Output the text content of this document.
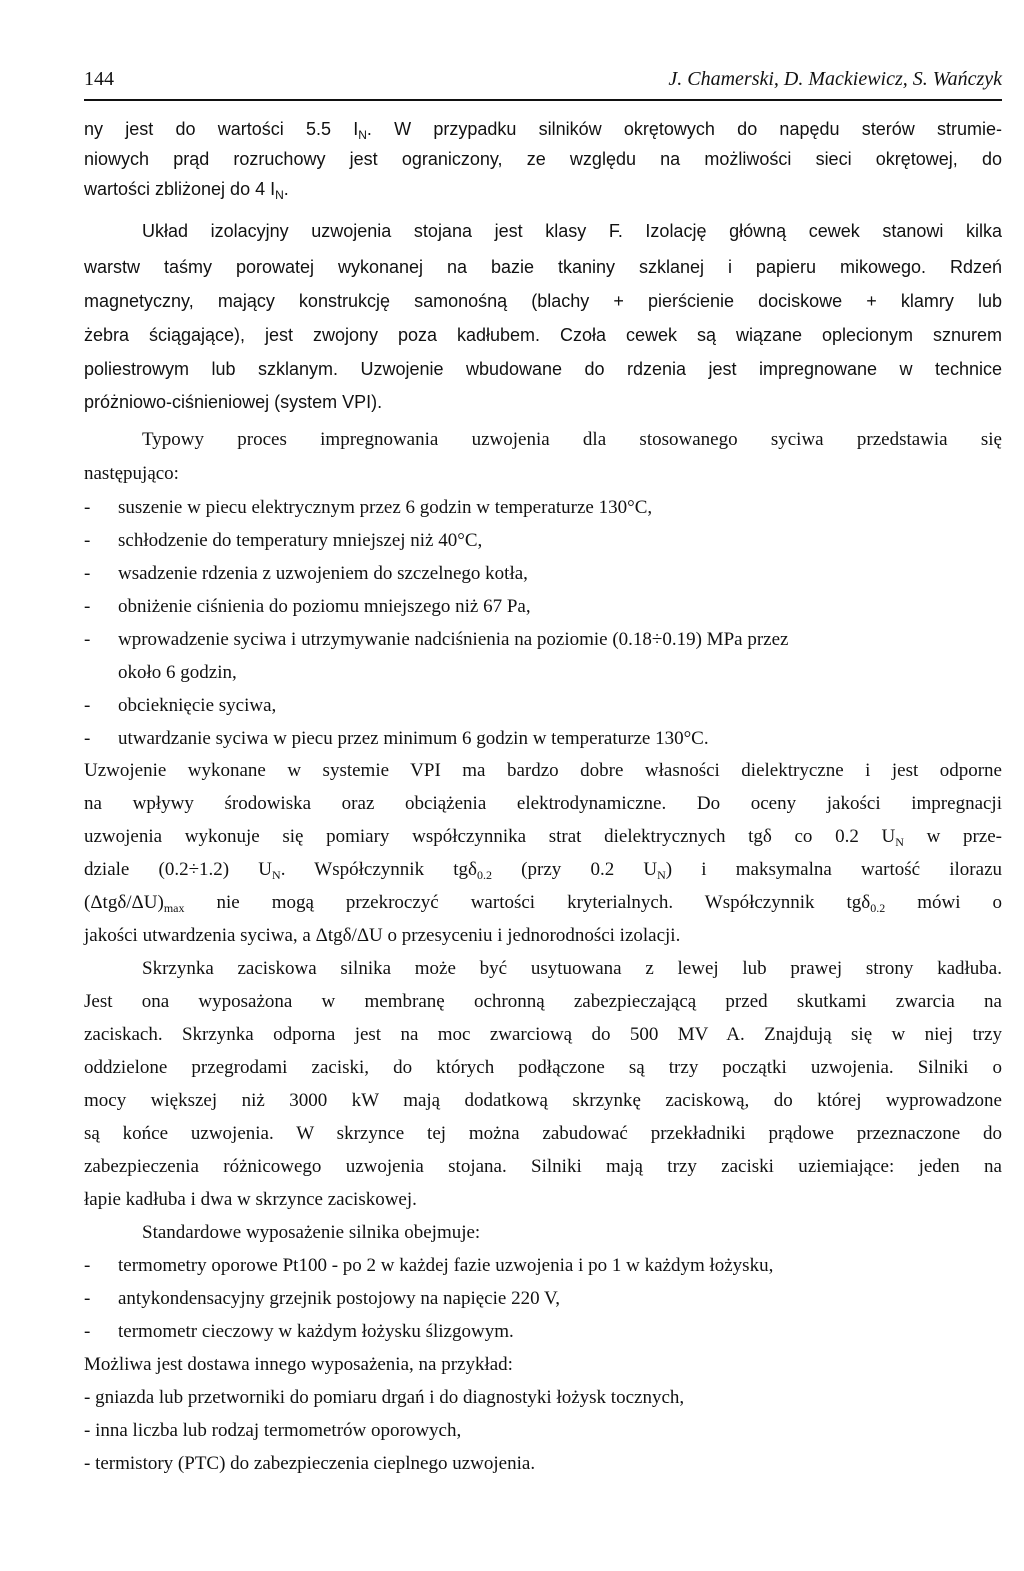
144	J. Chamerski, D. Mackiewicz, S. Wańczyk
ny jest do wartości 5.5 $I_N$. W przypadku silników okrętowych do napędu sterów strumie-
niowych prąd rozruchowy jest ograniczony, ze względu na możliwości sieci okrętowej, do
wartości zbliżonej do 4 $I_N$.
Układ izolacyjny uzwojenia stojana jest klasy F. Izolację główną cewek stanowi kilka
warstw taśmy porowatej wykonanej na bazie tkaniny szklanej i papieru mikowego. Rdzeń
magnetyczny, mający konstrukcję samonośną (blachy + pierścienie dociskowe + klamry lub
żebra ściągające), jest zwojony poza kadłubem. Czoła cewek są wiązane oplecionym sznurem
poliestrowym lub szklanym. Uzwojenie wbudowane do rdzenia jest impregnowane w technice
próżniowo-ciśnieniowej (system VPI).
Typowy proces impregnowania uzwojenia dla stosowanego syciwa przedstawia się
następująco:
- suszenie w piecu elektrycznym przez 6 godzin w temperaturze 130°C,
- schłodzenie do temperatury mniejszej niż 40°C,
- wsadzenie rdzenia z uzwojeniem do szczelnego kotła,
- obniżenie ciśnienia do poziomu mniejszego niż 67 Pa,
- wprowadzenie syciwa i utrzymywanie nadciśnienia na poziomie (0.18÷0.19) MPa przez
około 6 godzin,
- obcieknięcie syciwa,
- utwardzanie syciwa w piecu przez minimum 6 godzin w temperaturze 130°C.
Uzwojenie wykonane w systemie VPI ma bardzo dobre własności dielektryczne i jest odporne
na wpływy środowiska oraz obciążenia elektrodynamiczne. Do oceny jakości impregnacji
uzwojenia wykonuje się pomiary współczynnika strat dielektrycznych tgδ co 0.2 $U_N$ w prze-
dziale (0.2÷1.2) $U_N$. Współczynnik tgδ$_{0.2}$ (przy 0.2 $U_N$) i maksymalna wartość ilorazu
$(\Delta tg\delta/\Delta U)_{max}$ nie mogą przekroczyć wartości kryterialnych. Współczynnik tgδ$_{0.2}$ mówi o
jakości utwardzenia syciwa, a Δtgδ/ΔU o przesyceniu i jednorodności izolacji.
Skrzynka zaciskowa silnika może być usytuowana z lewej lub prawej strony kadłuba.
Jest ona wyposażona w membranę ochronną zabezpieczającą przed skutkami zwarcia na
zaciskach. Skrzynka odporna jest na moc zwarciową do 500 MV A. Znajdują się w niej trzy
oddzielone przegrodami zaciski, do których podłączone są trzy początki uzwojenia. Silniki o
mocy większej niż 3000 kW mają dodatkową skrzynkę zaciskową, do której wyprowadzone
są końce uzwojenia. W skrzynce tej można zabudować przekładniki prądowe przeznaczone do
zabezpieczenia różnicowego uzwojenia stojana. Silniki mają trzy zaciski uziemiające: jeden na
łapie kadłuba i dwa w skrzynce zaciskowej.
Standardowe wyposażenie silnika obejmuje:
- termometry oporowe Pt100 - po 2 w każdej fazie uzwojenia i po 1 w każdym łożysku,
- antykondensacyjny grzejnik postojowy na napięcie 220 V,
- termometr cieczowy w każdym łożysku ślizgowym.
Możliwa jest dostawa innego wyposażenia, na przykład:
- gniazda lub przetworniki do pomiaru drgań i do diagnostyki łożysk tocznych,
- inna liczba lub rodzaj termometrów oporowych,
- termistory (PTC) do zabezpieczenia cieplnego uzwojenia.
